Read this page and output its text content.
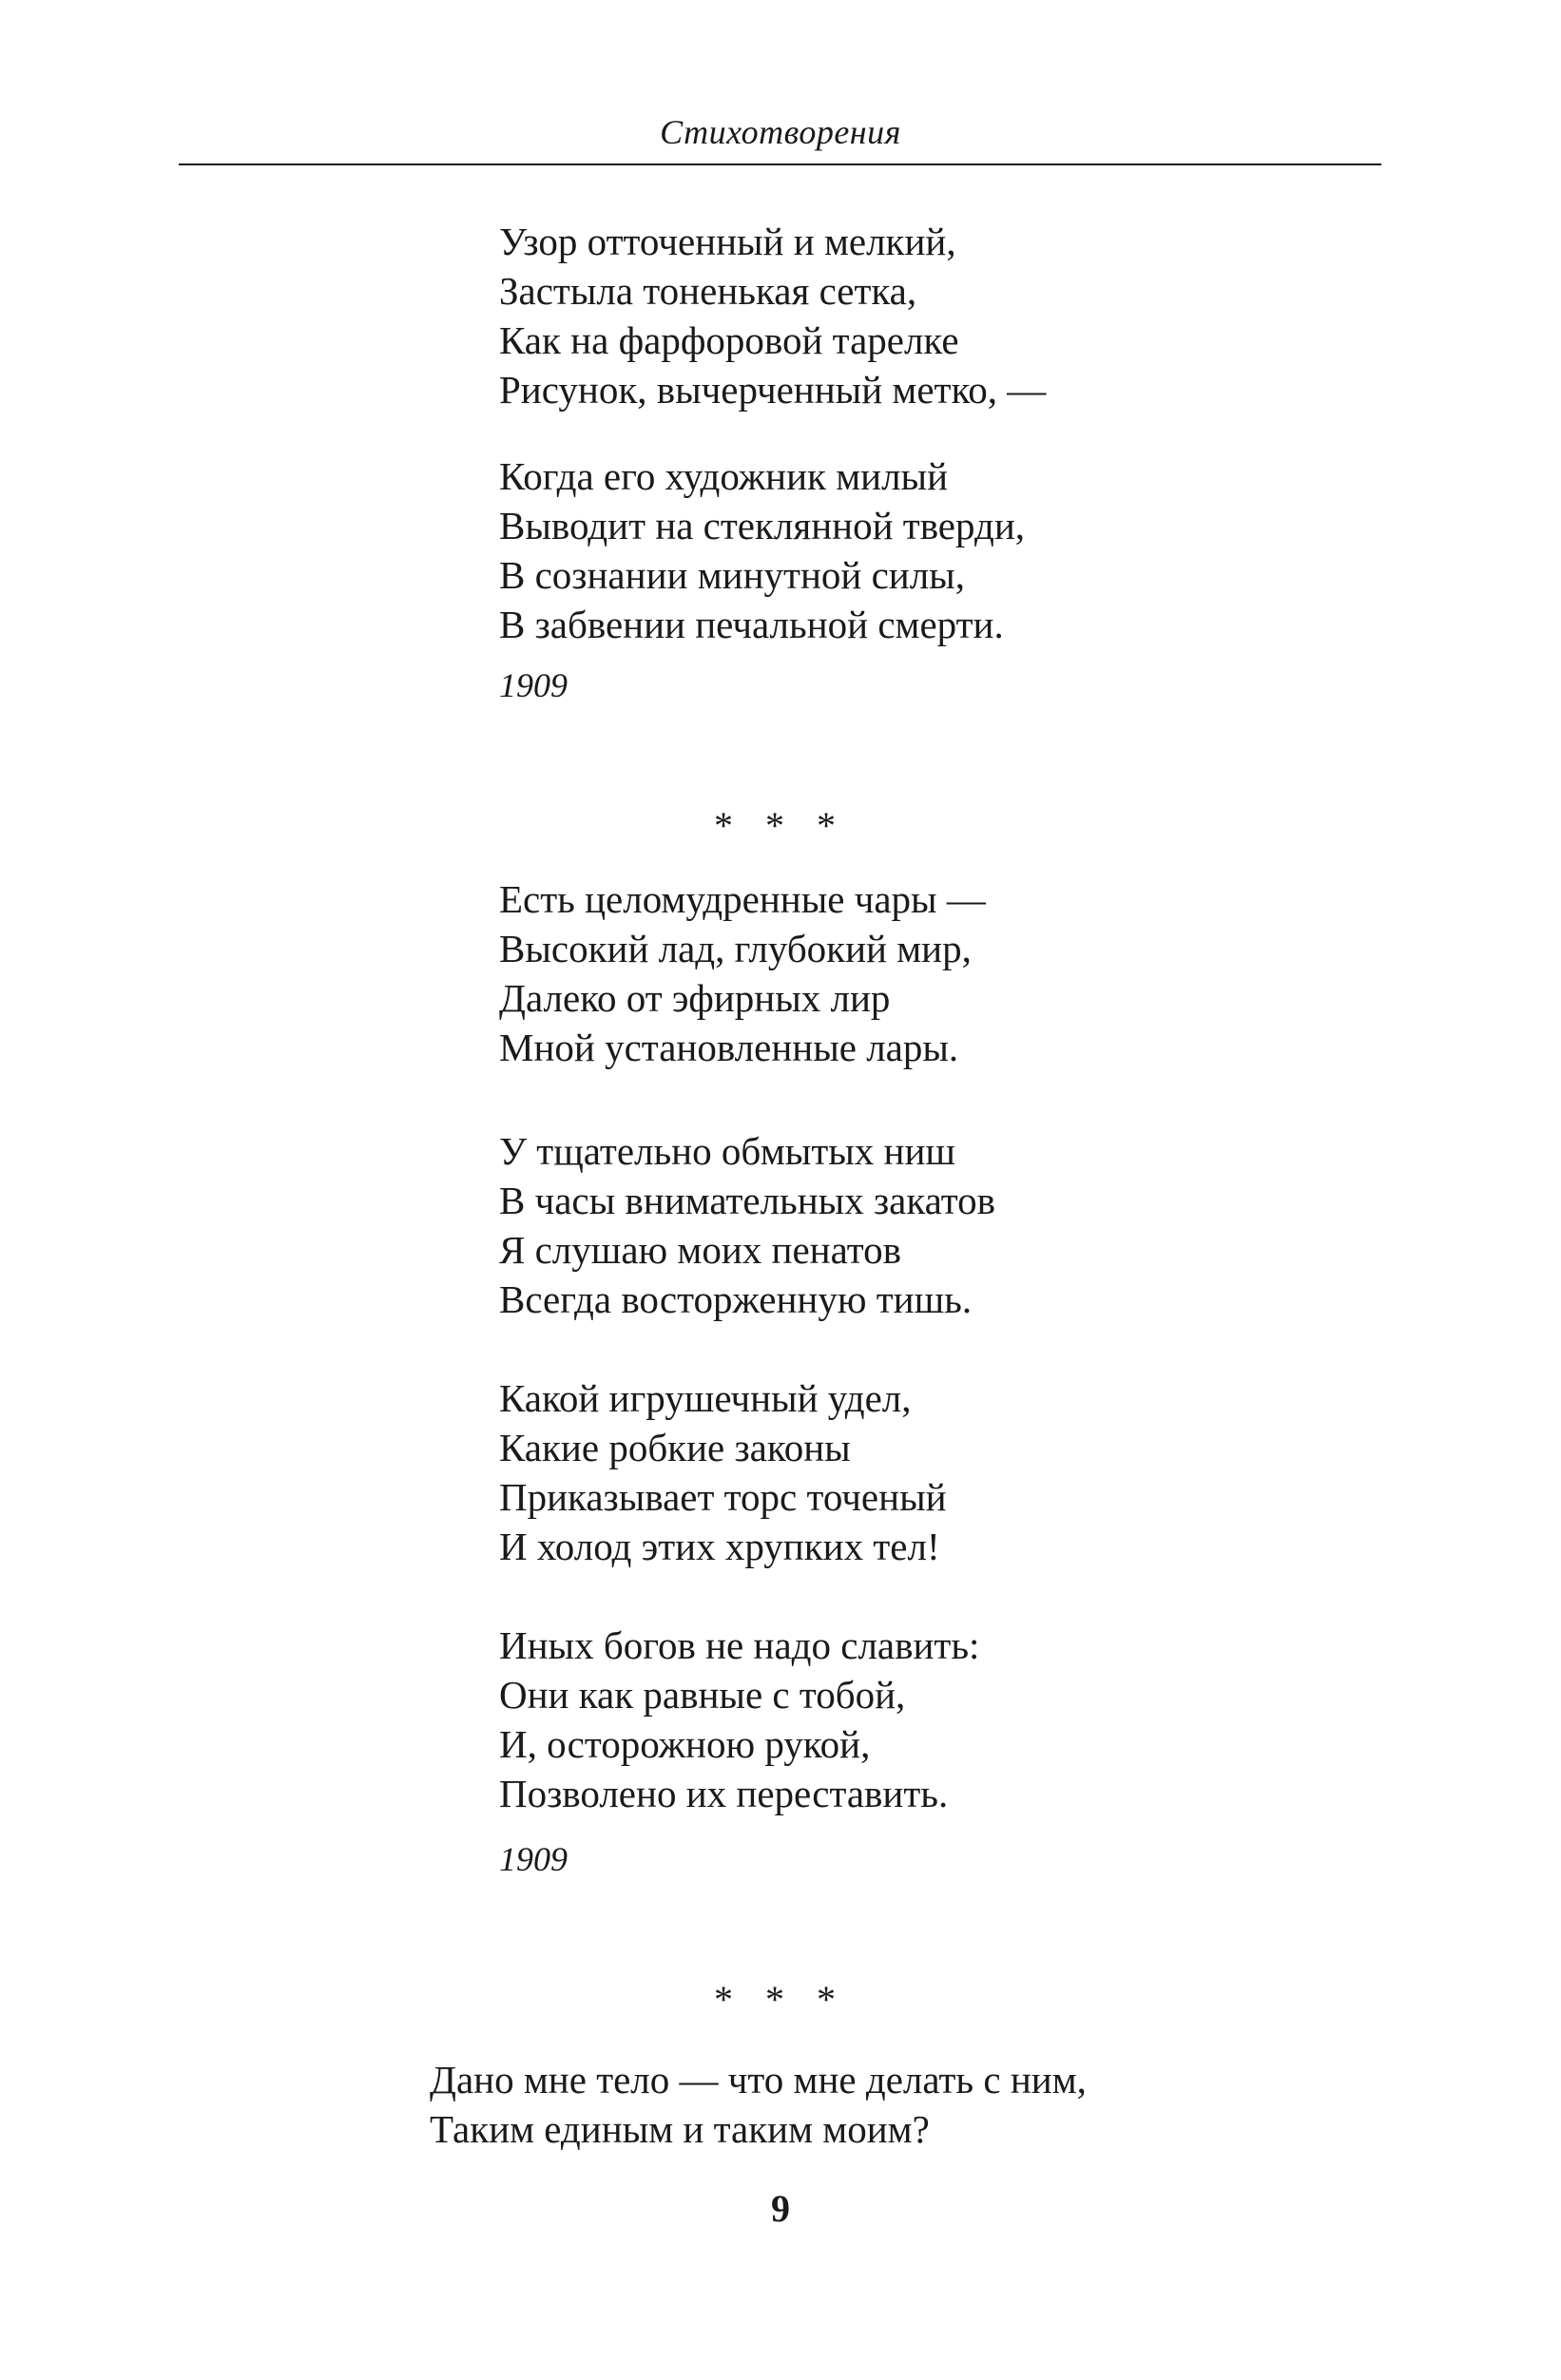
Стихотворения
Узор отточенный и мелкий,
Застыла тоненькая сетка,
Как на фарфоровой тарелке
Рисунок, вычерченный метко, —
Когда его художник милый
Выводит на стеклянной тверди,
В сознании минутной силы,
В забвении печальной смерти.
1909
* * *
Есть целомудренные чары —
Высокий лад, глубокий мир,
Далеко от эфирных лир
Мной установленные лары.
У тщательно обмытых ниш
В часы внимательных закатов
Я слушаю моих пенатов
Всегда восторженную тишь.
Какой игрушечный удел,
Какие робкие законы
Приказывает торс точеный
И холод этих хрупких тел!
Иных богов не надо славить:
Они как равные с тобой,
И, осторожною рукой,
Позволено их переставить.
1909
* * *
Дано мне тело — что мне делать с ним,
Таким единым и таким моим?
9
